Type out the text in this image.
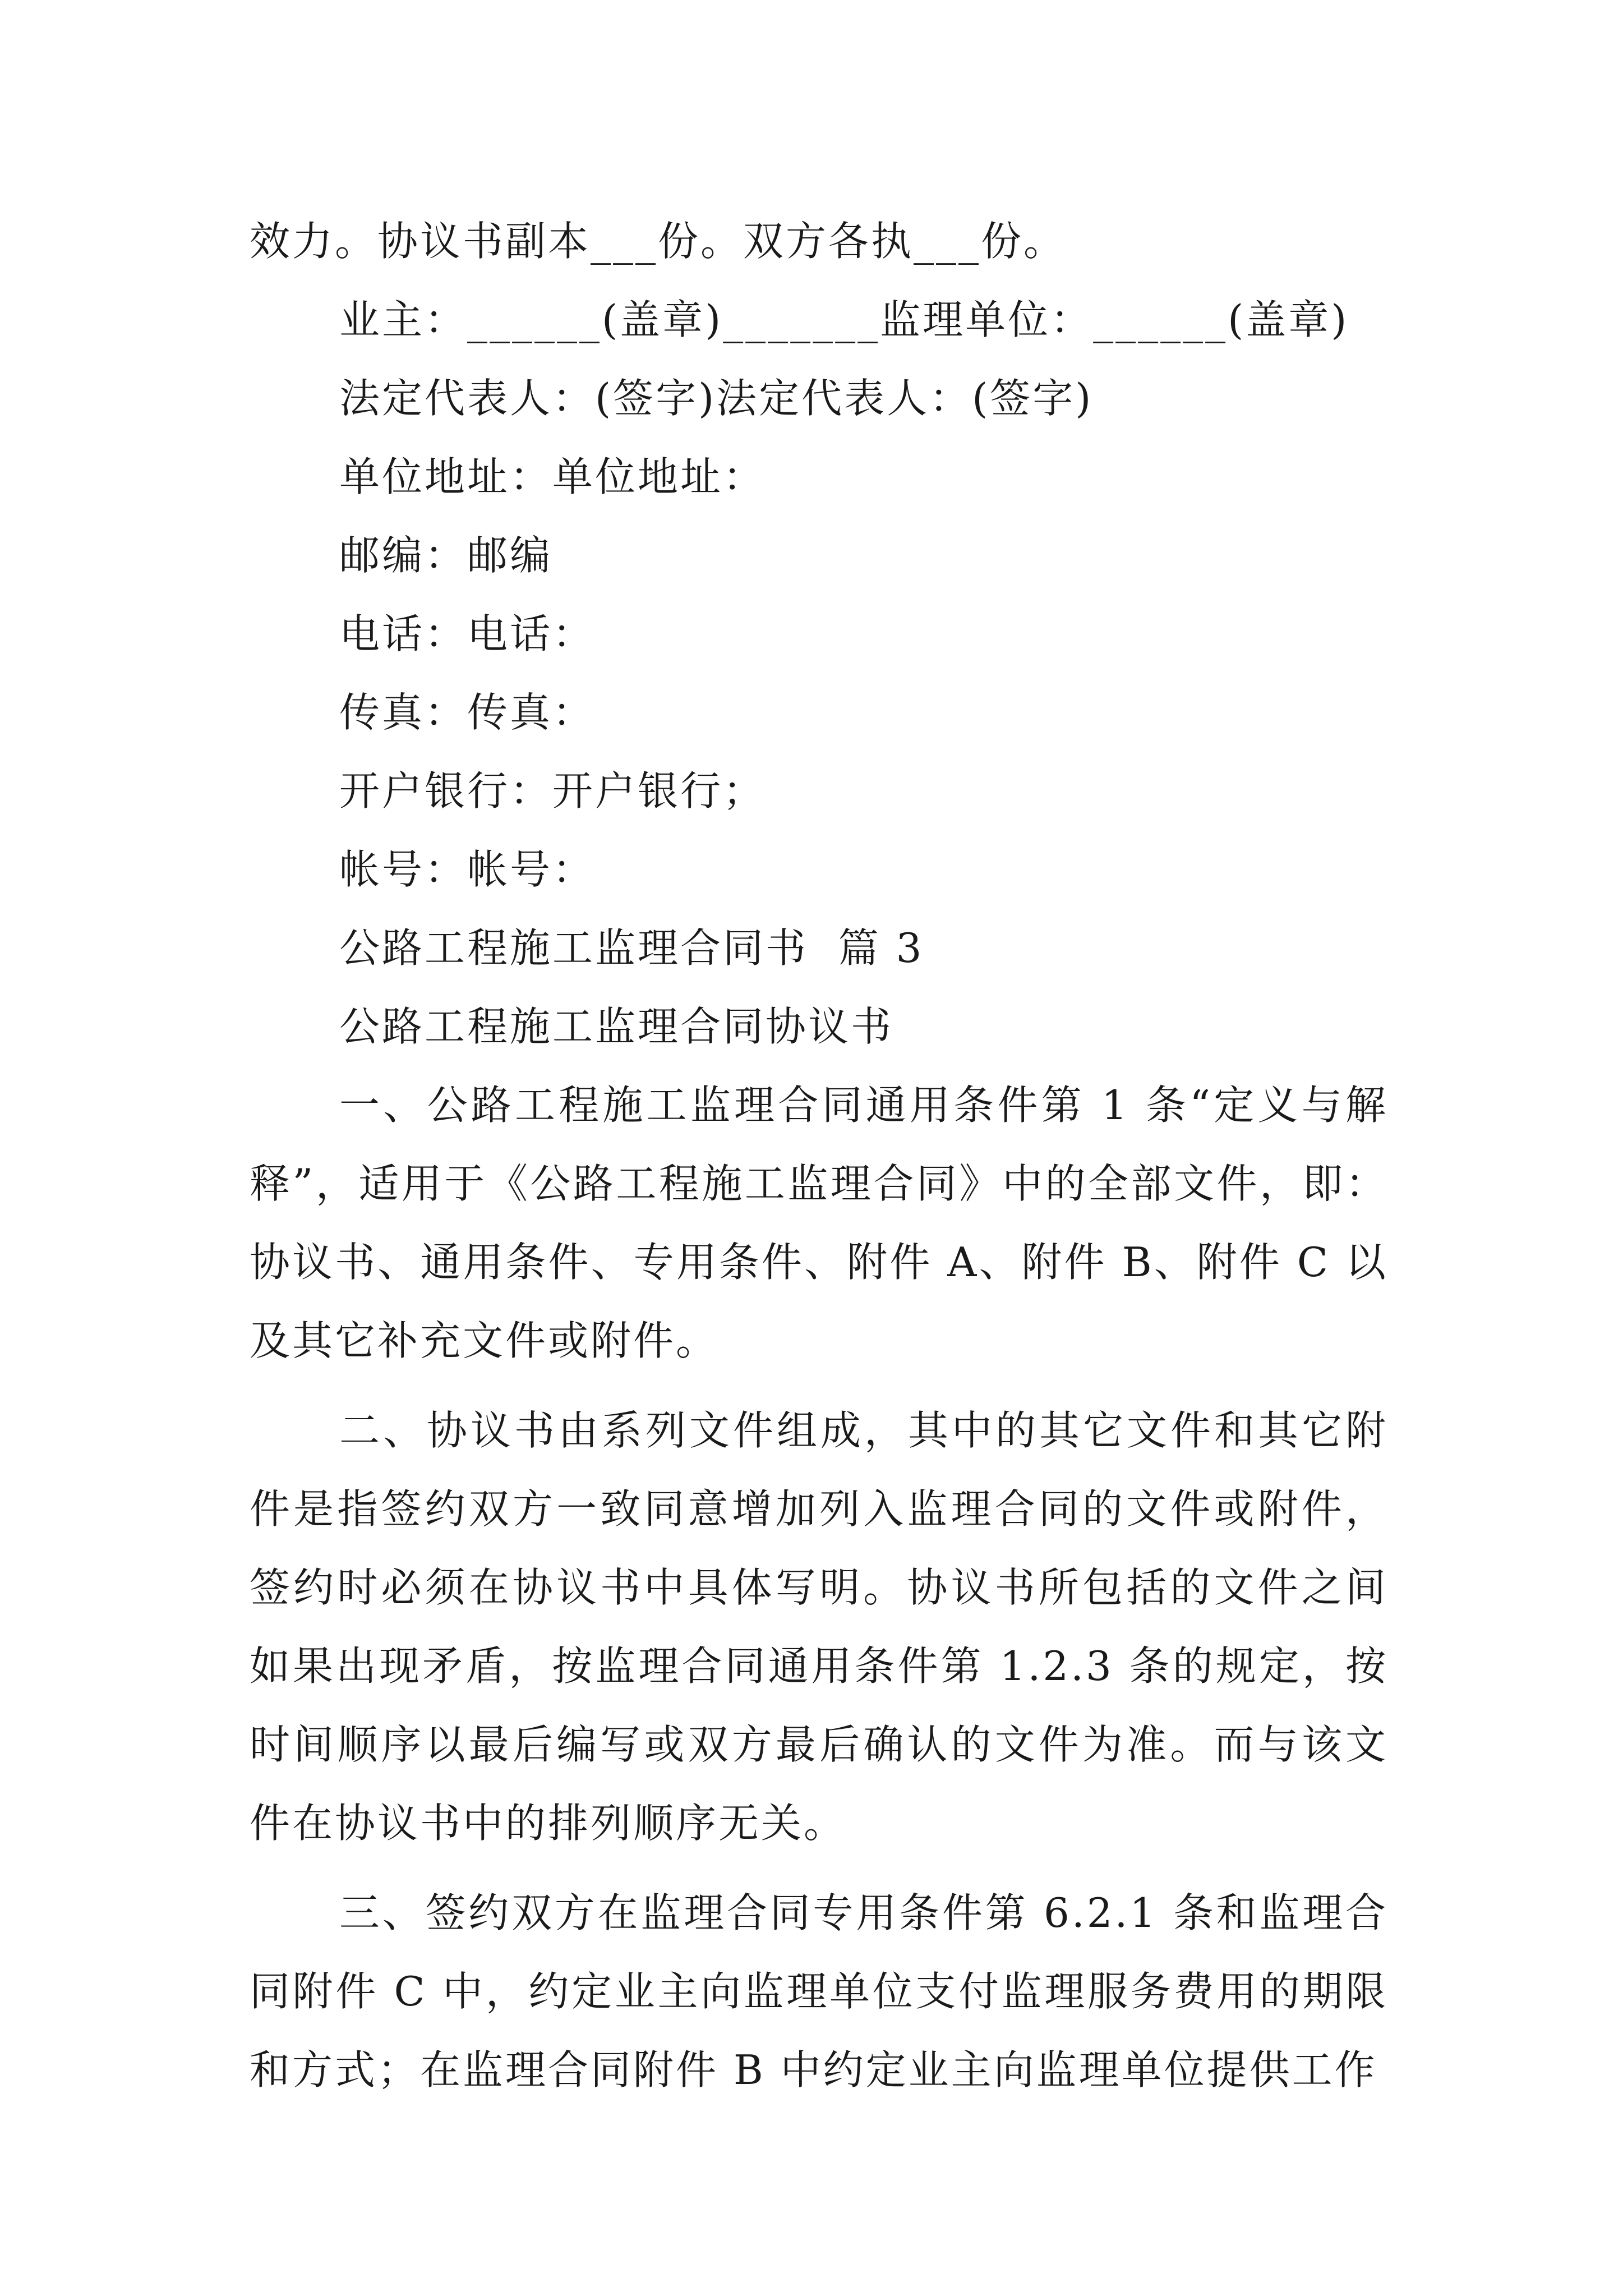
效力。协议书副本___份。双方各执___份。
业主：______(盖章)_______监理单位：______(盖章)
法定代表人：(签字)法定代表人：(签字)
单位地址：单位地址：
邮编：邮编
电话：电话：
传真：传真：
开户银行：开户银行；
帐号：帐号：
公路工程施工监理合同书  篇 3
公路工程施工监理合同协议书

一、公路工程施工监理合同通用条件第 1 条“定义与解释”，适用于《公路工程施工监理合同》中的全部文件，即：协议书、通用条件、专用条件、附件 A、附件 B、附件 C 以及其它补充文件或附件。

二、协议书由系列文件组成，其中的其它文件和其它附件是指签约双方一致同意增加列入监理合同的文件或附件，签约时必须在协议书中具体写明。协议书所包括的文件之间如果出现矛盾，按监理合同通用条件第 1.2.3 条的规定，按时间顺序以最后编写或双方最后确认的文件为准。而与该文件在协议书中的排列顺序无关。

三、签约双方在监理合同专用条件第 6.2.1 条和监理合同附件 C 中，约定业主向监理单位支付监理服务费用的期限和方式；在监理合同附件 B 中约定业主向监理单位提供工作
